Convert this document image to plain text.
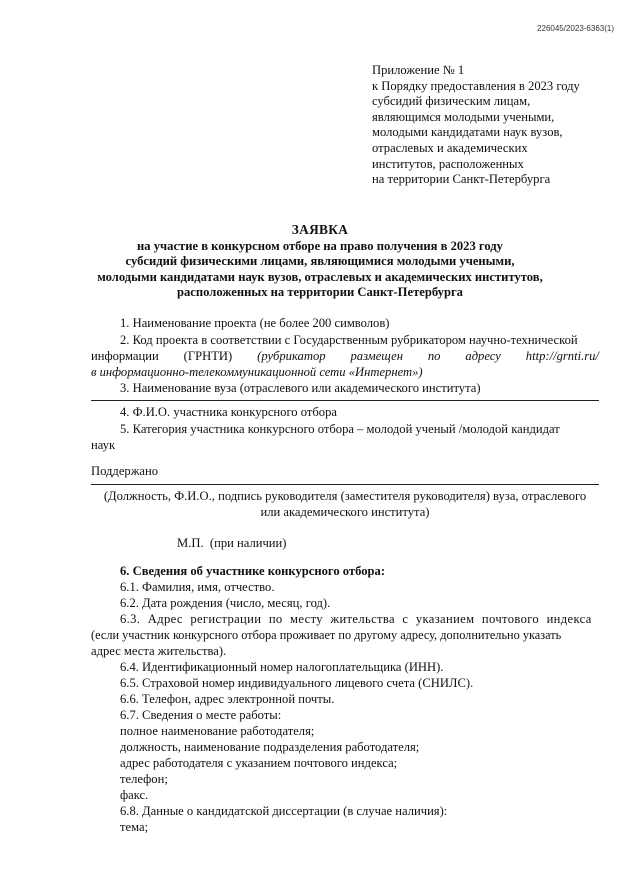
226045/2023-6363(1)
Приложение № 1
к Порядку предоставления в 2023 году
субсидий физическим лицам,
являющимся молодыми учеными,
молодыми кандидатами наук вузов,
отраслевых и академических
институтов, расположенных
на территории Санкт-Петербурга
ЗАЯВКА
на участие в конкурсном отборе на право получения в 2023 году
субсидий физическими лицами, являющимися молодыми учеными,
молодыми кандидатами наук вузов, отраслевых и академических институтов,
расположенных на территории Санкт-Петербурга
1. Наименование проекта (не более 200 символов)
2. Код проекта в соответствии с Государственным рубрикатором научно-технической
информации (ГРНТИ) (рубрикатор размещен по адресу http://grnti.ru/
в информационно-телекоммуникационной сети «Интернет»)
3. Наименование вуза (отраслевого или академического института)
4. Ф.И.О. участника конкурсного отбора
5. Категория участника конкурсного отбора – молодой ученый /молодой кандидат
наук
Поддержано
(Должность, Ф.И.О., подпись руководителя (заместителя руководителя) вуза, отраслевого
или академического института)
М.П.  (при наличии)
6. Сведения об участнике конкурсного отбора:
6.1. Фамилия, имя, отчество.
6.2. Дата рождения (число, месяц, год).
6.3. Адрес регистрации по месту жительства с указанием почтового индекса
(если участник конкурсного отбора проживает по другому адресу, дополнительно указать
адрес места жительства).
6.4. Идентификационный номер налогоплательщика (ИНН).
6.5. Страховой номер индивидуального лицевого счета (СНИЛС).
6.6. Телефон, адрес электронной почты.
6.7. Сведения о месте работы:
полное наименование работодателя;
должность, наименование подразделения работодателя;
адрес работодателя с указанием почтового индекса;
телефон;
факс.
6.8. Данные о кандидатской диссертации (в случае наличия):
тема;
